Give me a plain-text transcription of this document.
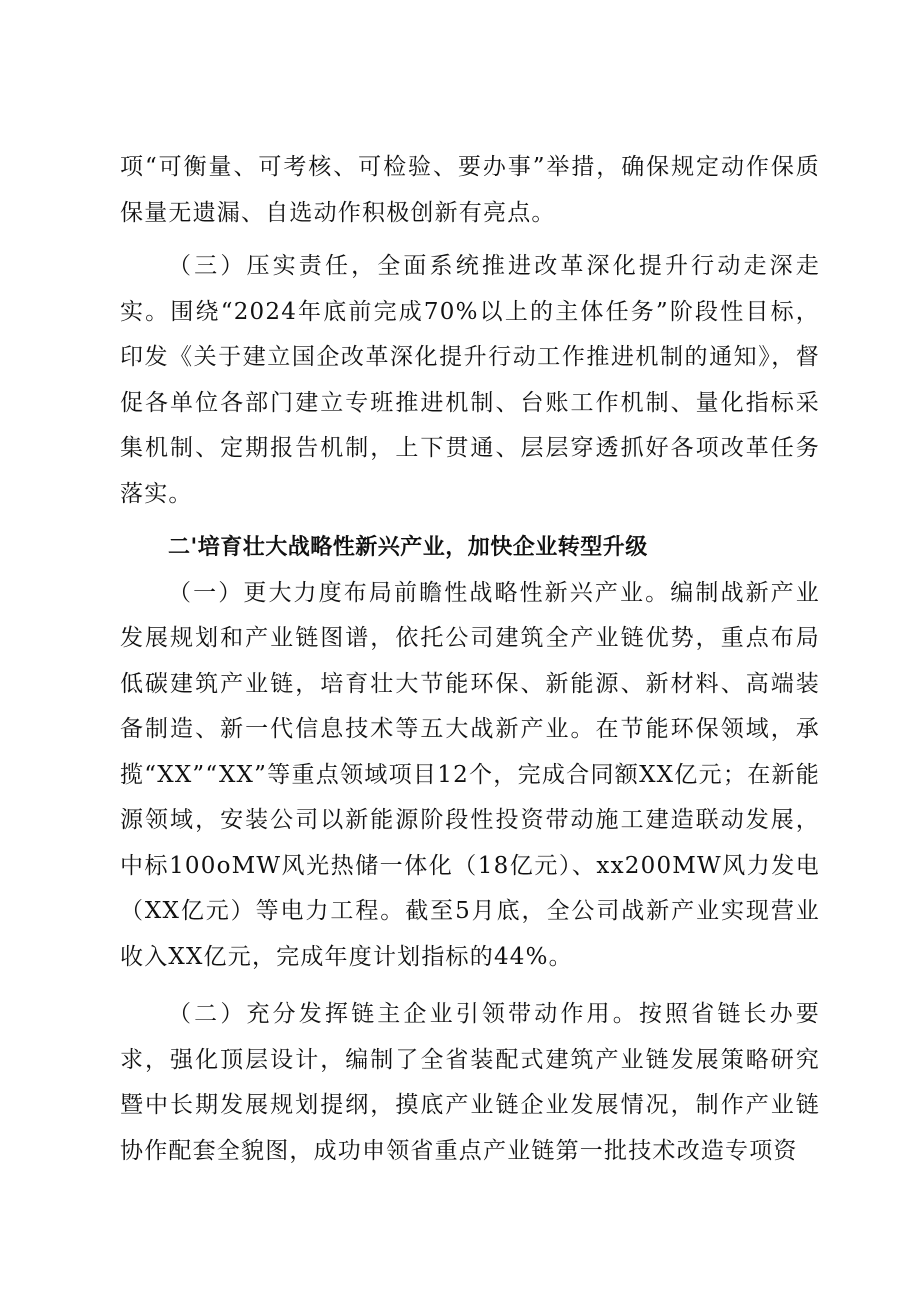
项“可衡量、可考核、可检验、要办事”举措，确保规定动作保质保量无遗漏、自选动作积极创新有亮点。

（三）压实责任，全面系统推进改革深化提升行动走深走实。围绕“2024年底前完成70%以上的主体任务”阶段性目标，印发《关于建立国企改革深化提升行动工作推进机制的通知》，督促各单位各部门建立专班推进机制、台账工作机制、量化指标采集机制、定期报告机制，上下贯通、层层穿透抓好各项改革任务落实。

二'培育壮大战略性新兴产业，加快企业转型升级

（一）更大力度布局前瞻性战略性新兴产业。编制战新产业发展规划和产业链图谱，依托公司建筑全产业链优势，重点布局低碳建筑产业链，培育壮大节能环保、新能源、新材料、高端装备制造、新一代信息技术等五大战新产业。在节能环保领域，承揽“XX”“XX”等重点领域项目12个，完成合同额XX亿元；在新能源领域，安装公司以新能源阶段性投资带动施工建造联动发展，中标100oMW风光热储一体化（18亿元）、xx200MW风力发电（XX亿元）等电力工程。截至5月底，全公司战新产业实现营业收入XX亿元，完成年度计划指标的44%。

（二）充分发挥链主企业引领带动作用。按照省链长办要求，强化顶层设计，编制了全省装配式建筑产业链发展策略研究暨中长期发展规划提纲，摸底产业链企业发展情况，制作产业链协作配套全貌图，成功申领省重点产业链第一批技术改造专项资
